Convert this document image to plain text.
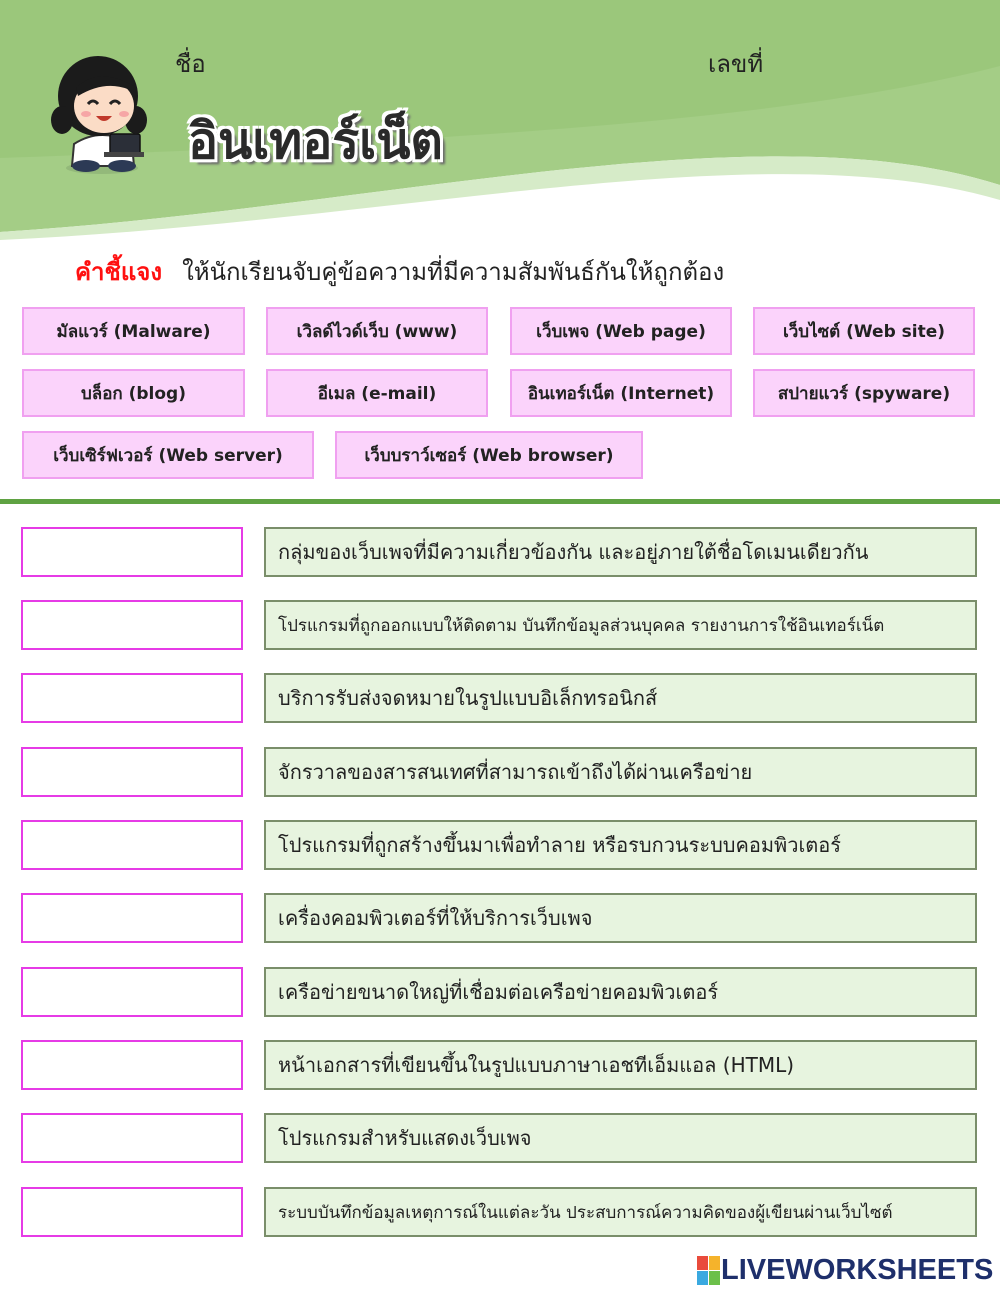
ชื่อ	เลขที่
อินเทอร์เน็ต
คำชี้แจง ให้นักเรียนจับคู่ข้อความที่มีความสัมพันธ์กันให้ถูกต้อง
มัลแวร์ (Malware)	เวิลด์ไวด์เว็บ (www)	เว็บเพจ (Web page)	เว็บไซต์ (Web site)
บล็อก (blog)	อีเมล (e-mail)	อินเทอร์เน็ต (Internet)	สปายแวร์ (spyware)
เว็บเซิร์ฟเวอร์ (Web server)	เว็บบราว์เซอร์ (Web browser)
กลุ่มของเว็บเพจที่มีความเกี่ยวข้องกัน และอยู่ภายใต้ชื่อโดเมนเดียวกัน
โปรแกรมที่ถูกออกแบบให้ติดตาม บันทึกข้อมูลส่วนบุคคล รายงานการใช้อินเทอร์เน็ต
บริการรับส่งจดหมายในรูปแบบอิเล็กทรอนิกส์
จักรวาลของสารสนเทศที่สามารถเข้าถึงได้ผ่านเครือข่าย
โปรแกรมที่ถูกสร้างขึ้นมาเพื่อทำลาย หรือรบกวนระบบคอมพิวเตอร์
เครื่องคอมพิวเตอร์ที่ให้บริการเว็บเพจ
เครือข่ายขนาดใหญ่ที่เชื่อมต่อเครือข่ายคอมพิวเตอร์
หน้าเอกสารที่เขียนขึ้นในรูปแบบภาษาเอชทีเอ็มแอล (HTML)
โปรแกรมสำหรับแสดงเว็บเพจ
ระบบบันทึกข้อมูลเหตุการณ์ในแต่ละวัน ประสบการณ์ความคิดของผู้เขียนผ่านเว็บไซต์
LIVEWORKSHEETS
